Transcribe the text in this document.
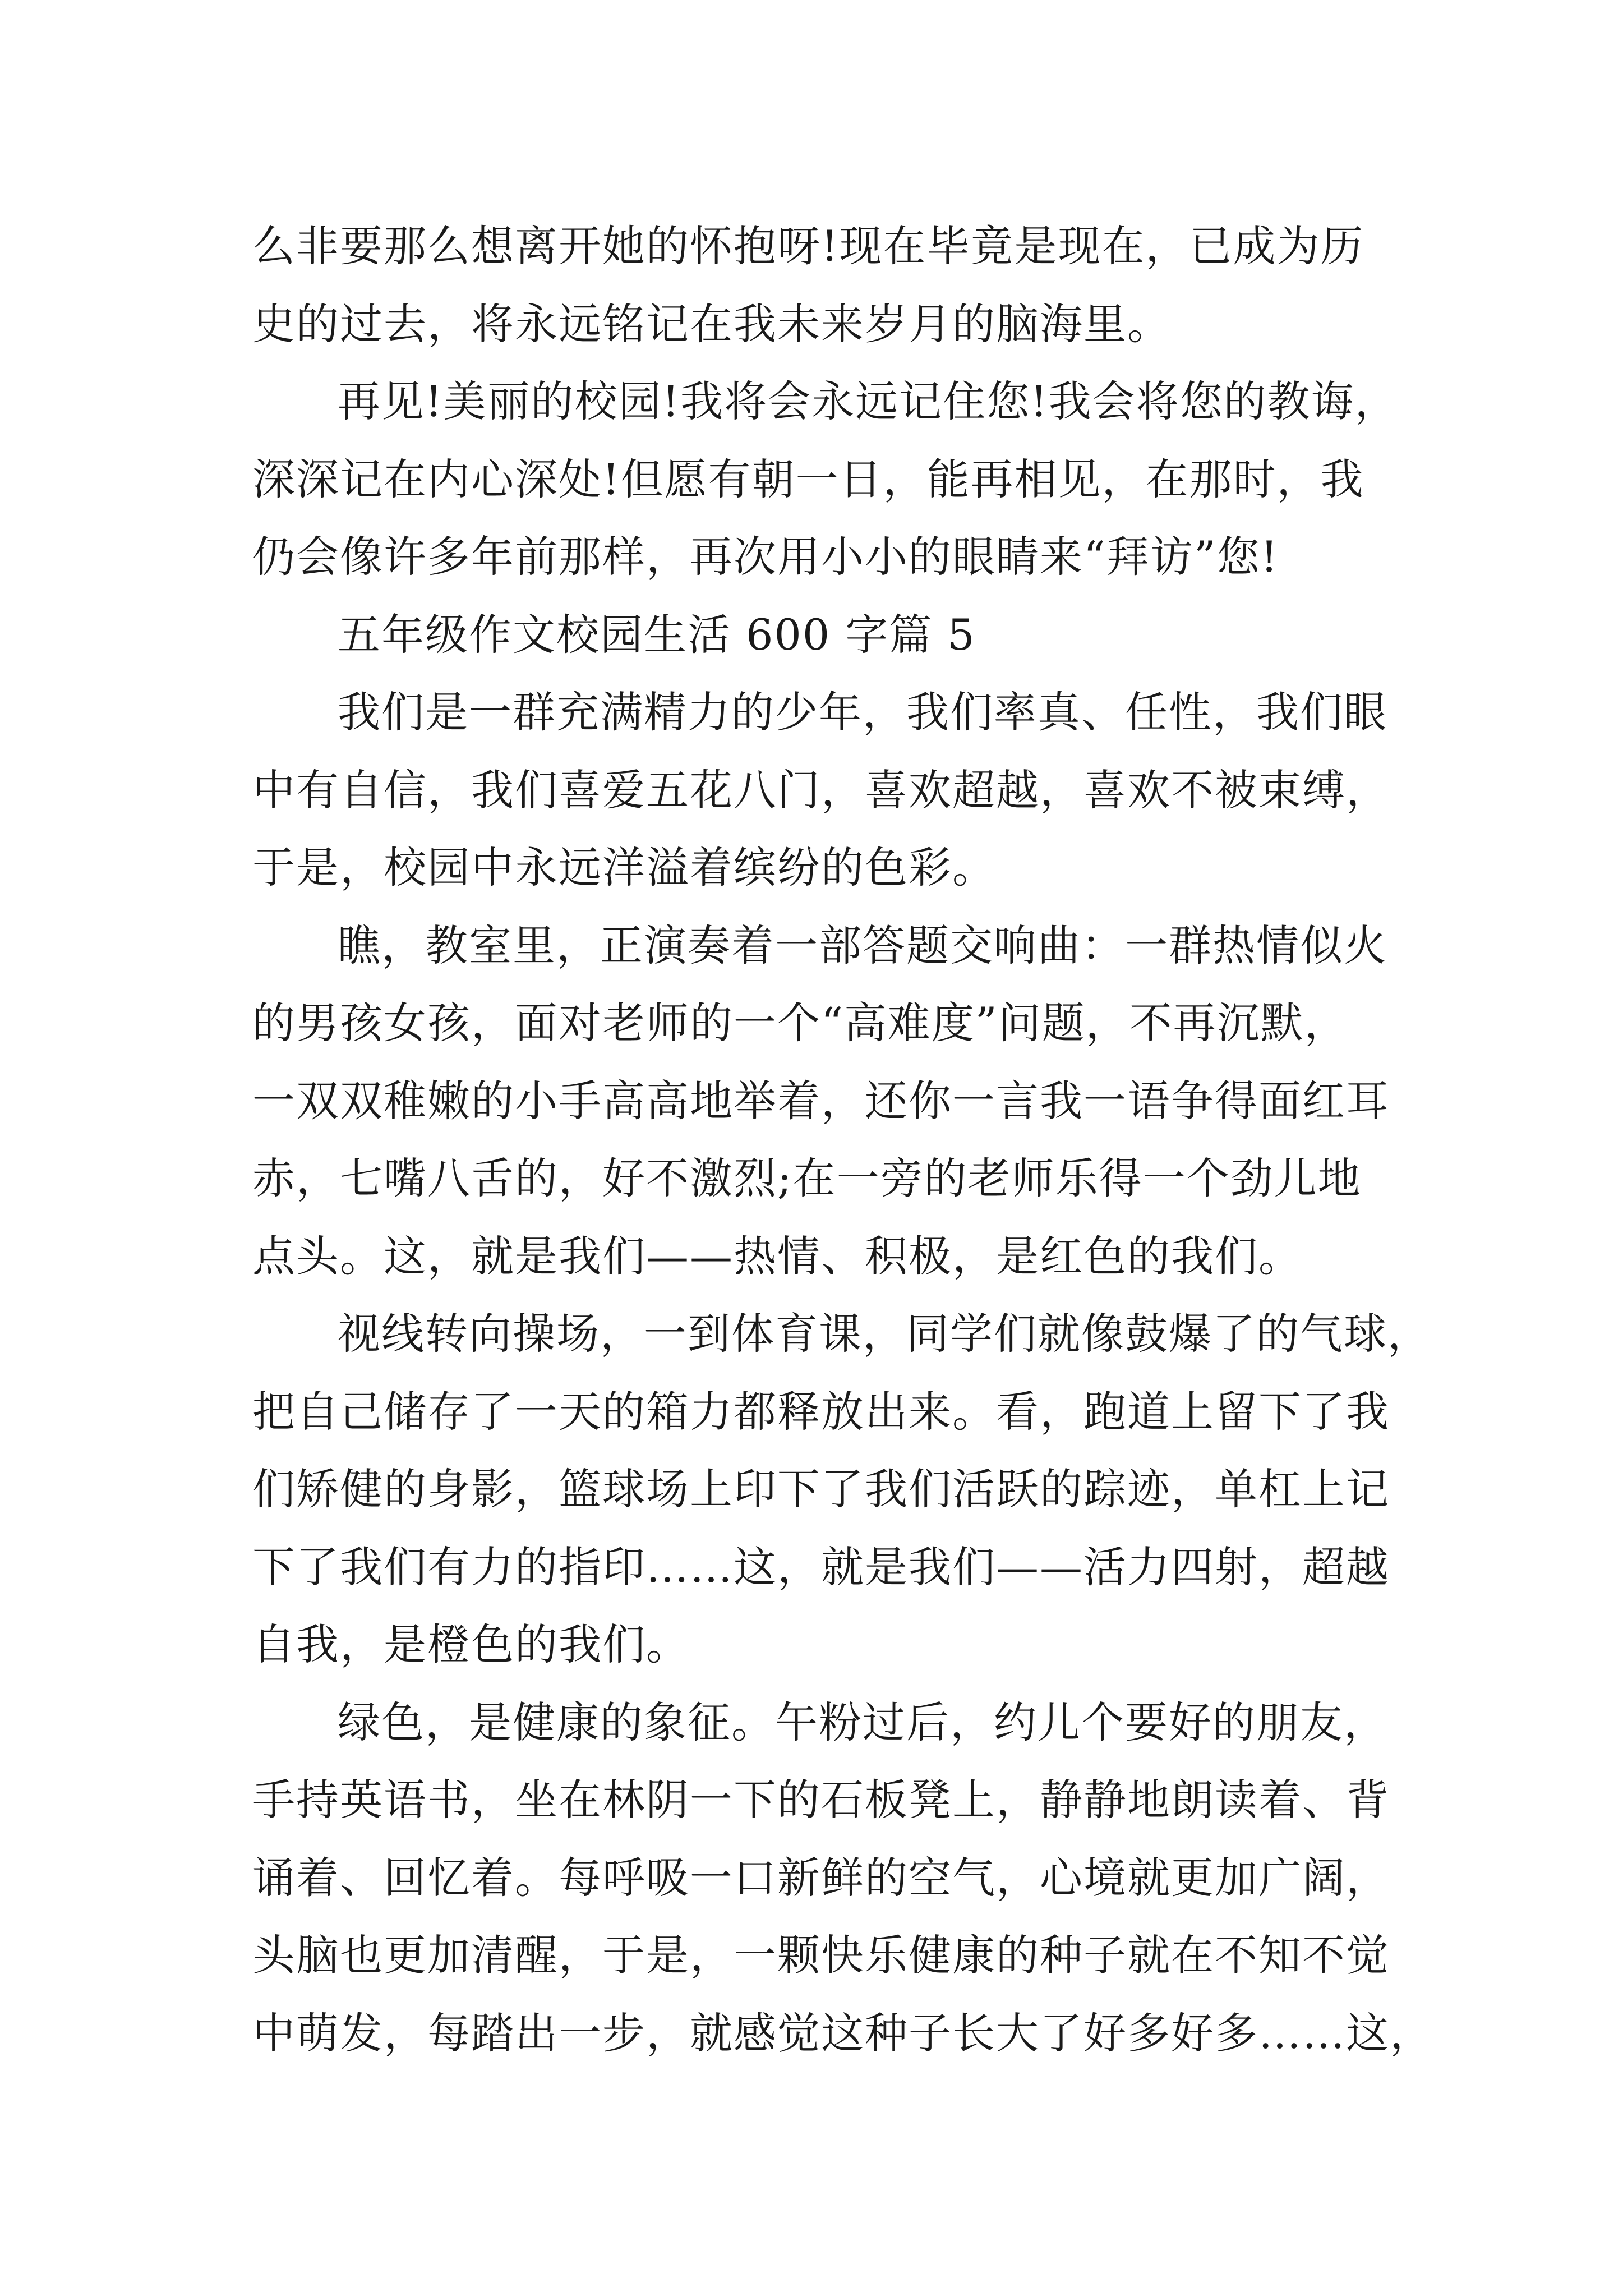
么非要那么想离开她的怀抱呀!现在毕竟是现在，已成为历
史的过去，将永远铭记在我未来岁月的脑海里。
再见!美丽的校园!我将会永远记住您!我会将您的教诲，
深深记在内心深处!但愿有朝一日，能再相见，在那时，我
仍会像许多年前那样，再次用小小的眼睛来“拜访”您!
五年级作文校园生活 600 字篇 5
我们是一群充满精力的少年，我们率真、任性，我们眼
中有自信，我们喜爱五花八门，喜欢超越，喜欢不被束缚，
于是，校园中永远洋溢着缤纷的色彩。
瞧，教室里，正演奏着一部答题交响曲：一群热情似火
的男孩女孩，面对老师的一个“高难度”问题，不再沉默，
一双双稚嫩的小手高高地举着，还你一言我一语争得面红耳
赤，七嘴八舌的，好不激烈;在一旁的老师乐得一个劲儿地
点头。这，就是我们——热情、积极，是红色的我们。
视线转向操场，一到体育课，同学们就像鼓爆了的气球，
把自己储存了一天的箱力都释放出来。看，跑道上留下了我
们矫健的身影，篮球场上印下了我们活跃的踪迹，单杠上记
下了我们有力的指印……这，就是我们——活力四射，超越
自我，是橙色的我们。
绿色，是健康的象征。午粉过后，约儿个要好的朋友，
手持英语书，坐在林阴一下的石板凳上，静静地朗读着、背
诵着、回忆着。每呼吸一口新鲜的空气，心境就更加广阔，
头脑也更加清醒，于是，一颗快乐健康的种子就在不知不觉
中萌发，每踏出一步，就感觉这种子长大了好多好多……这，
